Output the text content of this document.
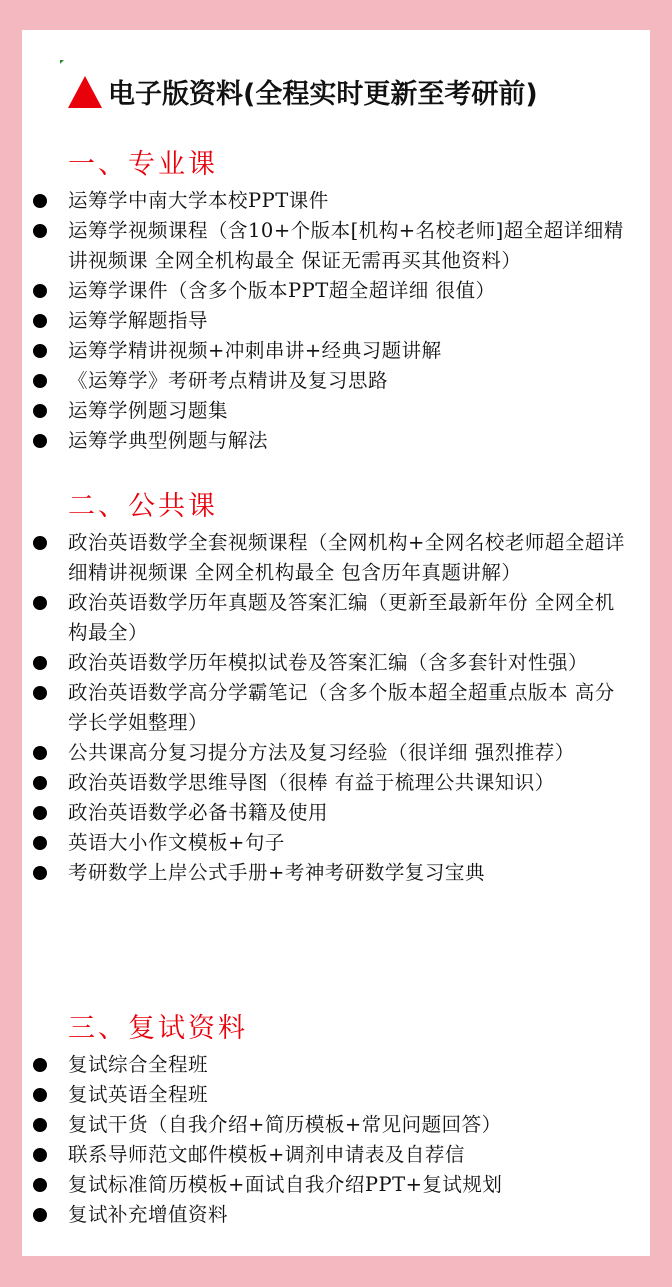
电子版资料(全程实时更新至考研前)
一、专业课
运筹学中南大学本校PPT课件
运筹学视频课程（含10+个版本[机构+名校老师]超全超详细精讲视频课 全网全机构最全 保证无需再买其他资料）
运筹学课件（含多个版本PPT超全超详细 很值）
运筹学解题指导
运筹学精讲视频+冲刺串讲+经典习题讲解
《运筹学》考研考点精讲及复习思路
运筹学例题习题集
运筹学典型例题与解法
二、公共课
政治英语数学全套视频课程（全网机构+全网名校老师超全超详细精讲视频课 全网全机构最全 包含历年真题讲解）
政治英语数学历年真题及答案汇编（更新至最新年份 全网全机构最全）
政治英语数学历年模拟试卷及答案汇编（含多套针对性强）
政治英语数学高分学霸笔记（含多个版本超全超重点版本 高分学长学姐整理）
公共课高分复习提分方法及复习经验（很详细 强烈推荐）
政治英语数学思维导图（很棒 有益于梳理公共课知识）
政治英语数学必备书籍及使用
英语大小作文模板+句子
考研数学上岸公式手册+考神考研数学复习宝典
三、复试资料
复试综合全程班
复试英语全程班
复试干货（自我介绍+简历模板+常见问题回答）
联系导师范文邮件模板+调剂申请表及自荐信
复试标准简历模板+面试自我介绍PPT+复试规划
复试补充增值资料
